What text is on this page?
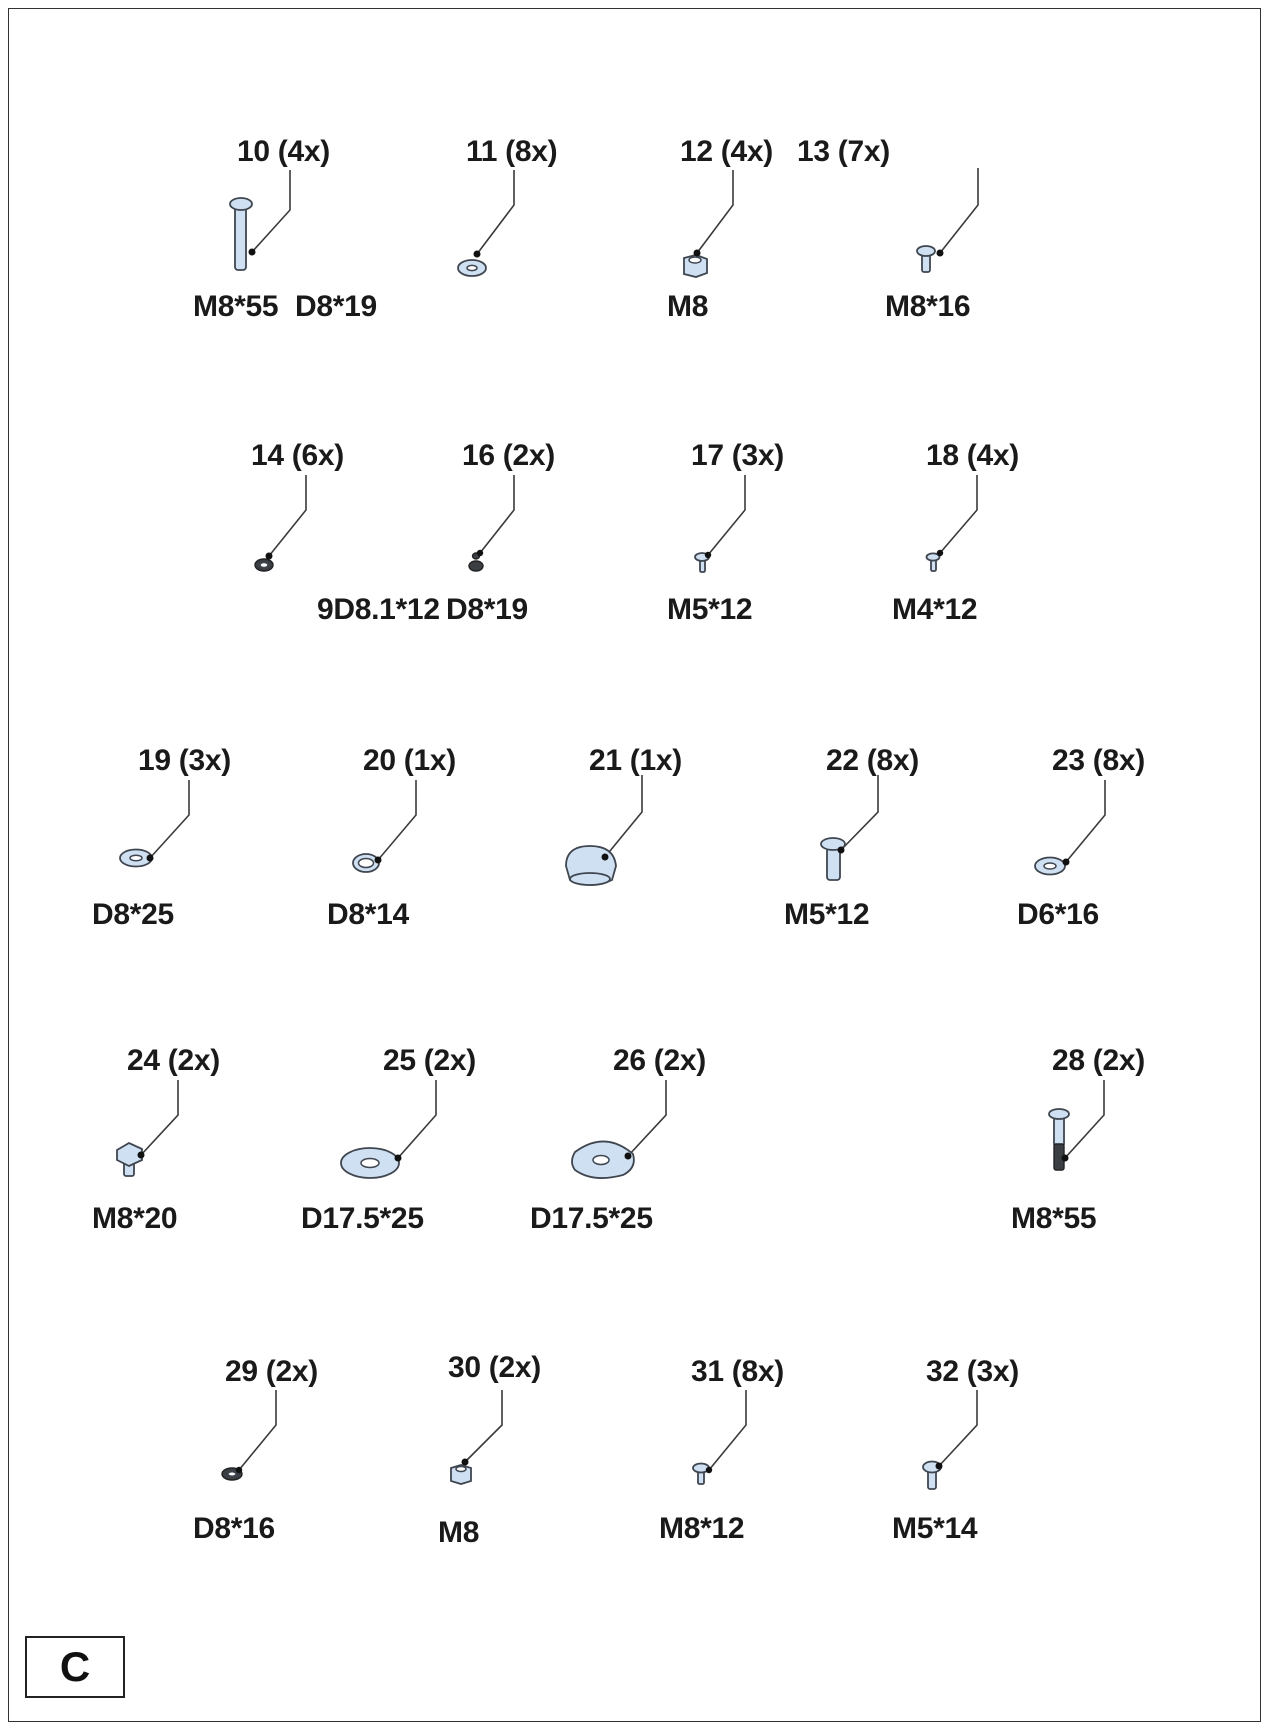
10 (4x)
M8*55
11 (8x)
D8*19
12 (4x)
M8
13 (7x)
M8*16
14 (6x)
9D8.1*12
16 (2x)
D8*19
17 (3x)
M5*12
18 (4x)
M4*12
19 (3x)
D8*25
20 (1x)
D8*14
21 (1x)	22 (8x)
M5*12
23 (8x)
D6*16
24 (2x)
M8*20
25 (2x)
D17.5*25
26 (2x)
D17.5*25
28 (2x)
M8*55
29 (2x)
D8*16
30 (2x)
M8
31 (8x)
M8*12
32 (3x)
M5*14
C
